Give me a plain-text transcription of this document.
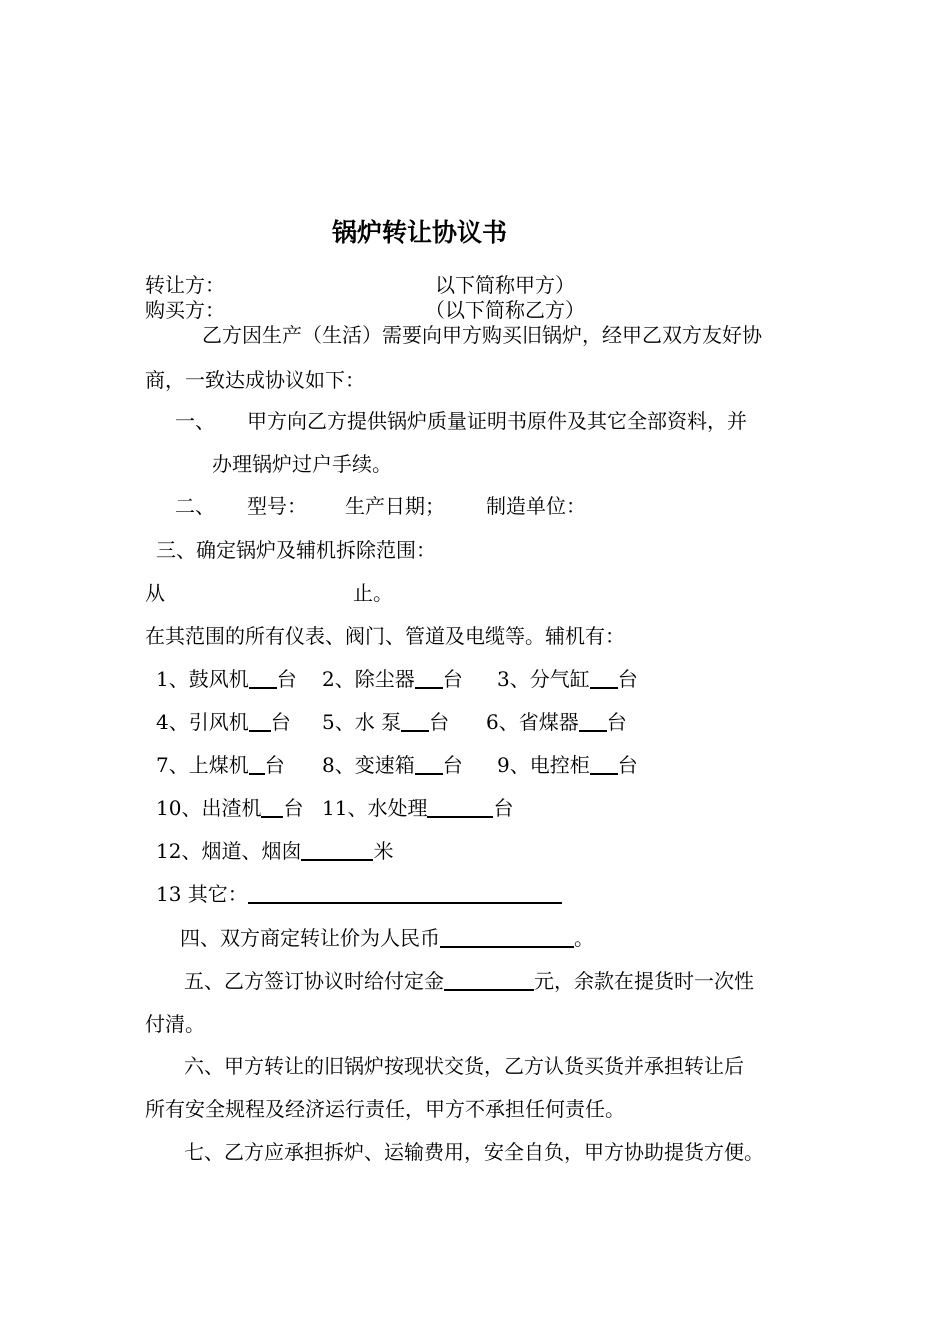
锅炉转让协议书
转让方：	以下简称甲方）
购买方：	（以下简称乙方）
乙方因生产（生活）需要向甲方购买旧锅炉，经甲乙双方友好协
商，一致达成协议如下：
一、 甲方向乙方提供锅炉质量证明书原件及其它全部资料，并
办理锅炉过户手续。
二、 型号： 生产日期； 制造单位：
三、确定锅炉及辅机拆除范围：
从	止。
在其范围的所有仪表、阀门、管道及电缆等。辅机有：
1、鼓风机 台 2、除尘器 台 3、分气缸 台
4、引风机 台 5、水 泵 台 6、省煤器 台
7、上煤机 台 8、变速箱 台 9、电控柜 台
10、出渣机 台 11、水处理	台
12、烟道、烟囱	米
13 其它：
四、双方商定转让价为人民币	。
五、乙方签订协议时给付定金	元，余款在提货时一次性
付清。
六、甲方转让的旧锅炉按现状交货，乙方认货买货并承担转让后
所有安全规程及经济运行责任，甲方不承担任何责任。
七、乙方应承担拆炉、运输费用，安全自负，甲方协助提货方便。
